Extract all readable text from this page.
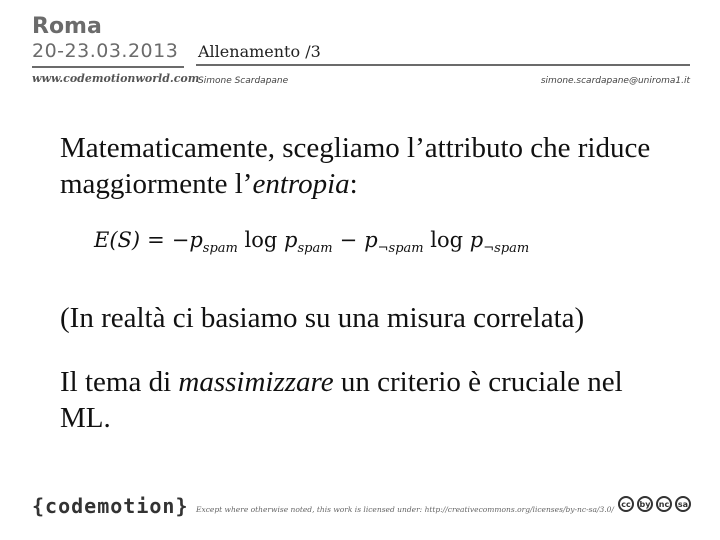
Roma
20-23.03.2013
www.codemotionworld.com
Allenamento /3
Simone Scardapane	simone.scardapane@uniroma1.it
Matematicamente, scegliamo l’attributo che riduce maggiormente l’entropia:
$E(S) = -p_{spam}$ $\log p_{spam} - p_{\neg spam}$ $\log p_{\neg spam}$
(In realtà ci basiamo su una misura correlata)
Il tema di massimizzare un criterio è cruciale nel ML.
{codemotion} Except where otherwise noted, this work is licensed under: http://creativecommons.org/licenses/by-nc-sa/3.0/
cc	by	nc	sa
